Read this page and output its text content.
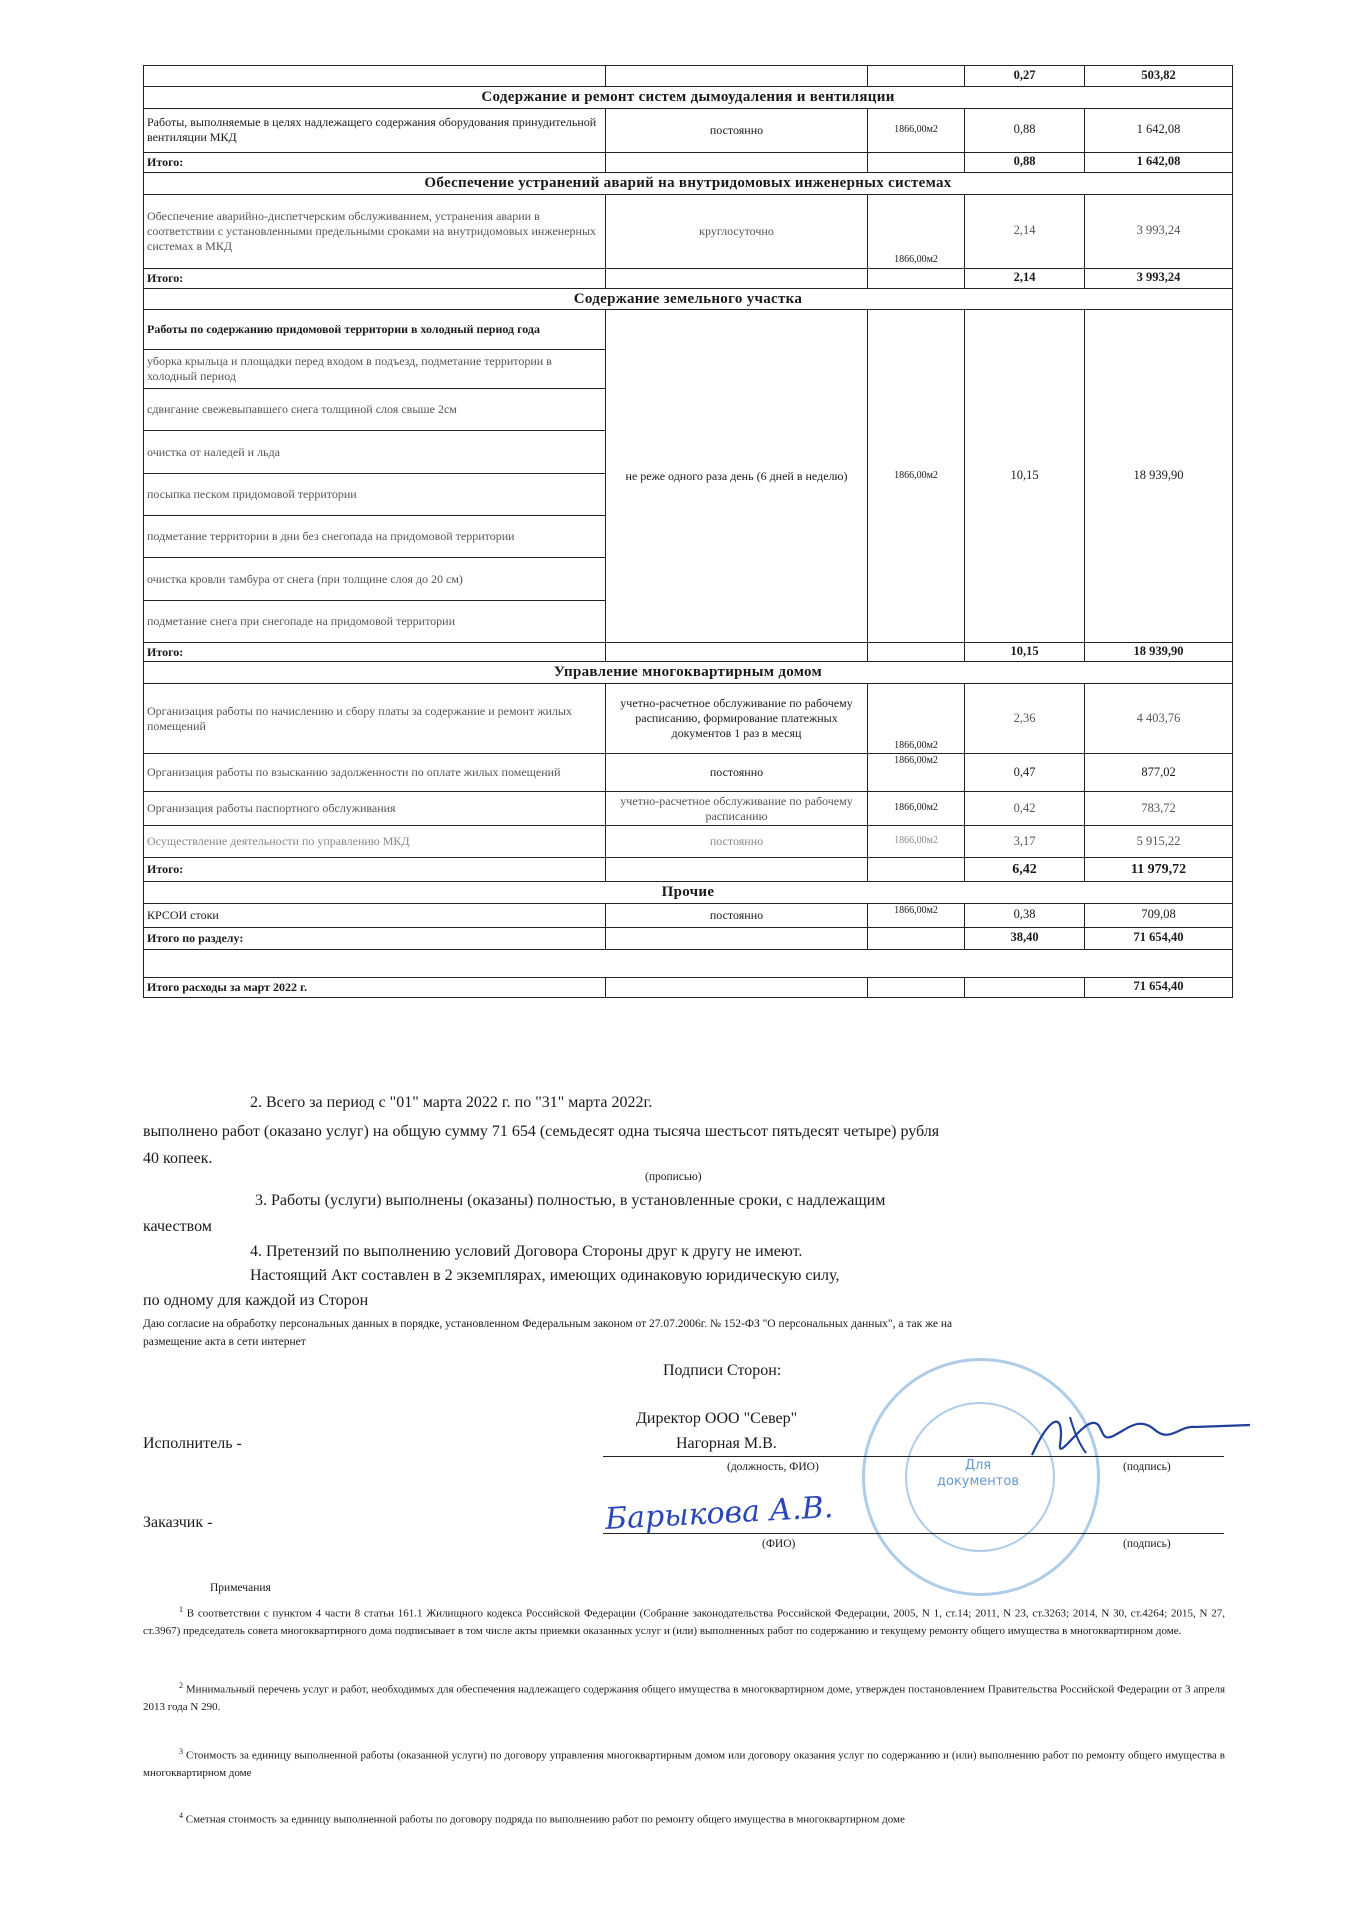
			0,27	503,82
Содержание и ремонт систем дымоудаления и вентиляции				
Работы, выполняемые в целях надлежащего содержания оборудования принудительной вентиляции МКД	постоянно	1866,00м2	0,88	1 642,08
Итого:			0,88	1 642,08
Обеспечение устранений аварий на внутридомовых инженерных системах				
Обеспечение аварийно-диспетчерским обслуживанием, устранения аварии в соответствии с установленными предельными сроками на внутридомовых инженерных системах в МКД	круглосуточно	1866,00м2	2,14	3 993,24
Итого:			2,14	3 993,24
Содержание земельного участка				
Работы по содержанию придомовой территории в холодный период года	не реже одного раза день (6 дней в неделю)	1866,00м2	10,15	18 939,90
уборка крыльца и площадки перед входом в подъезд, подметание территории в холодный период				
сдвигание свежевыпавшего снега толщиной слоя свыше 2см				
очистка от наледей и льда				
посыпка песком придомовой территории				
подметание территории в дни без снегопада на придомовой территории				
очистка кровли тамбура от снега (при толщине слоя до 20 см)				
подметание снега при снегопаде на придомовой территории				
Итого:			10,15	18 939,90
Управление многоквартирным домом				
Организация работы по начислению и сбору платы за содержание и ремонт жилых помещений	учетно-расчетное обслуживание по рабочему расписанию, формирование платежных документов 1 раз в месяц	1866,00м2	2,36	4 403,76
Организация работы по взысканию задолженности по оплате жилых помещений	постоянно	1866,00м2	0,47	877,02
Организация работы паспортного обслуживания	учетно-расчетное обслуживание по рабочему расписанию	1866,00м2	0,42	783,72
Осуществление деятельности по управлению МКД	постоянно	1866,00м2	3,17	5 915,22
Итого:			6,42	11 979,72
Прочие				
КРСОИ стоки	постоянно	1866,00м2	0,38	709,08
Итого по разделу:			38,40	71 654,40

Итого расходы за март 2022 г.				71 654,40
2. Всего за период с "01" марта 2022 г. по "31" марта 2022г.
выполнено работ (оказано услуг) на общую сумму 71 654 (семьдесят одна тысяча шестьсот пятьдесят четыре) рубля
40 копеек.
(прописью)
3. Работы (услуги) выполнены (оказаны) полностью, в установленные сроки, с надлежащим
качеством
4. Претензий по выполнению условий Договора Стороны друг к другу не имеют.
Настоящий Акт составлен в 2 экземплярах, имеющих одинаковую юридическую силу,
по одному для каждой из Сторон
Даю согласие на обработку персональных данных в порядке, установленном Федеральным законом от 27.07.2006г. № 152-ФЗ "О персональных данных", а так же на
размещение акта в сети интернет
Для документов
Подписи Сторон:
Исполнитель -
Директор ООО "Север"
Нагорная М.В.
(должность, ФИО)	(подпись)
Заказчик -	Барыкова А.В.
(ФИО)	(подпись)
Примечания
$^1$ В соответствии с пунктом 4 части 8 статьи 161.1 Жилищного кодекса Российской Федерации (Собрание законодательства Российской Федерации, 2005, N 1, ст.14; 2011, N 23, ст.3263; 2014, N 30, ст.4264; 2015, N 27, ст.3967) председатель совета многоквартирного дома подписывает в том числе акты приемки оказанных услуг и (или) выполненных работ по содержанию и текущему ремонту общего имущества в многоквартирном доме.
$^2$ Минимальный перечень услуг и работ, необходимых для обеспечения надлежащего содержания общего имущества в многоквартирном доме, утвержден постановлением Правительства Российской Федерации от 3 апреля 2013 года N 290.
$^3$ Стоимость за единицу выполненной работы (оказанной услуги) по договору управления многоквартирным домом или договору оказания услуг по содержанию и (или) выполнению работ по ремонту общего имущества в многоквартирном доме
$^4$ Сметная стоимость за единицу выполненной работы по договору подряда по выполнению работ по ремонту общего имущества в многоквартирном доме
